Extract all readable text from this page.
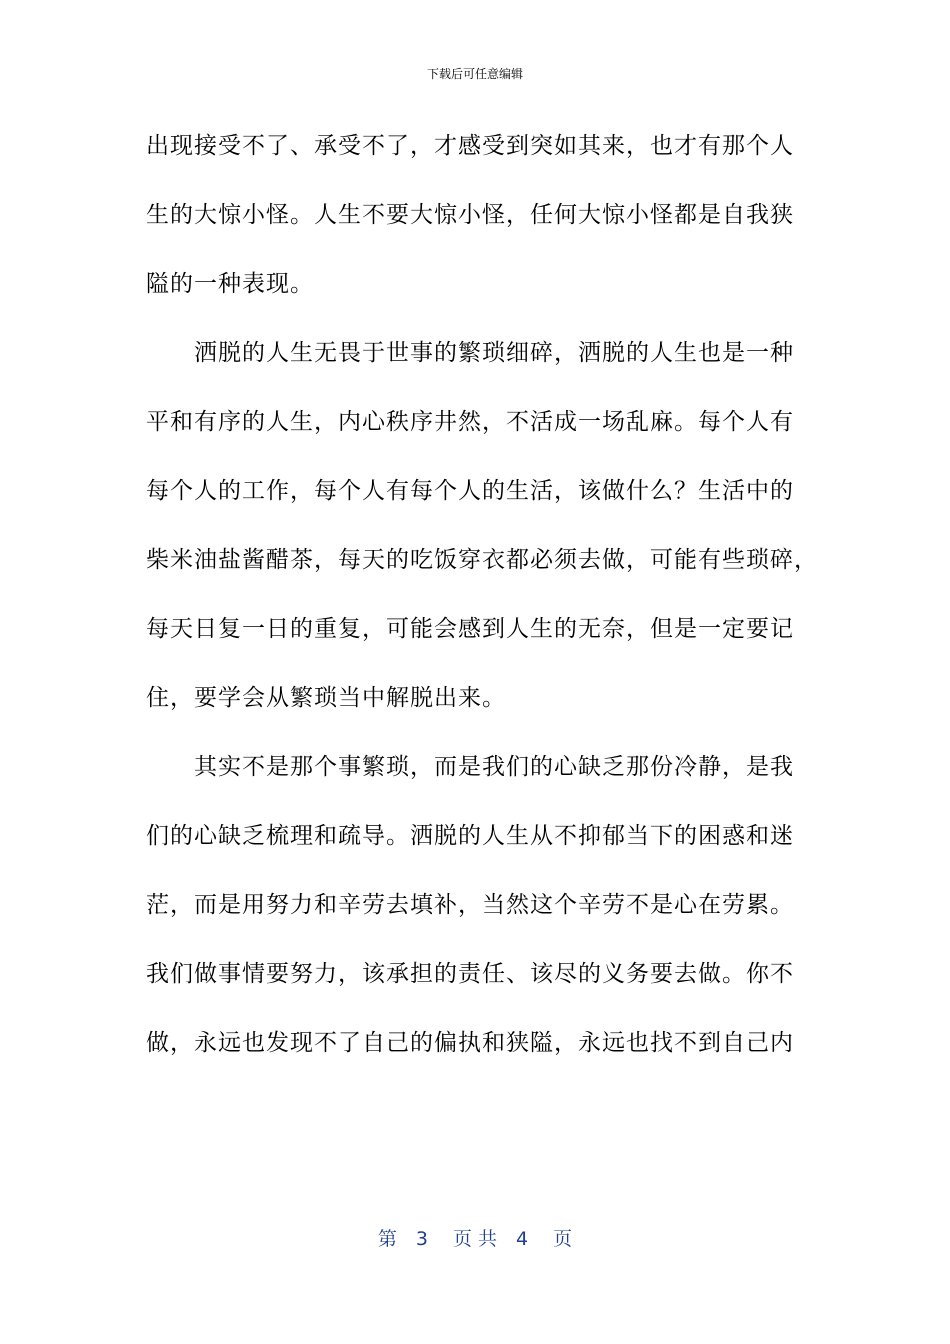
下载后可任意编辑
出现接受不了、承受不了，才感受到突如其来，也才有那个人
生的大惊小怪。人生不要大惊小怪，任何大惊小怪都是自我狭
隘的一种表现。
　　洒脱的人生无畏于世事的繁琐细碎，洒脱的人生也是一种
平和有序的人生，内心秩序井然，不活成一场乱麻。每个人有
每个人的工作，每个人有每个人的生活，该做什么？生活中的
柴米油盐酱醋茶，每天的吃饭穿衣都必须去做，可能有些琐碎，
每天日复一日的重复，可能会感到人生的无奈，但是一定要记
住，要学会从繁琐当中解脱出来。
　　其实不是那个事繁琐，而是我们的心缺乏那份冷静，是我
们的心缺乏梳理和疏导。洒脱的人生从不抑郁当下的困惑和迷
茫，而是用努力和辛劳去填补，当然这个辛劳不是心在劳累。
我们做事情要努力，该承担的责任、该尽的义务要去做。你不
做，永远也发现不了自己的偏执和狭隘，永远也找不到自己内
第　3　 页 共　4　 页
